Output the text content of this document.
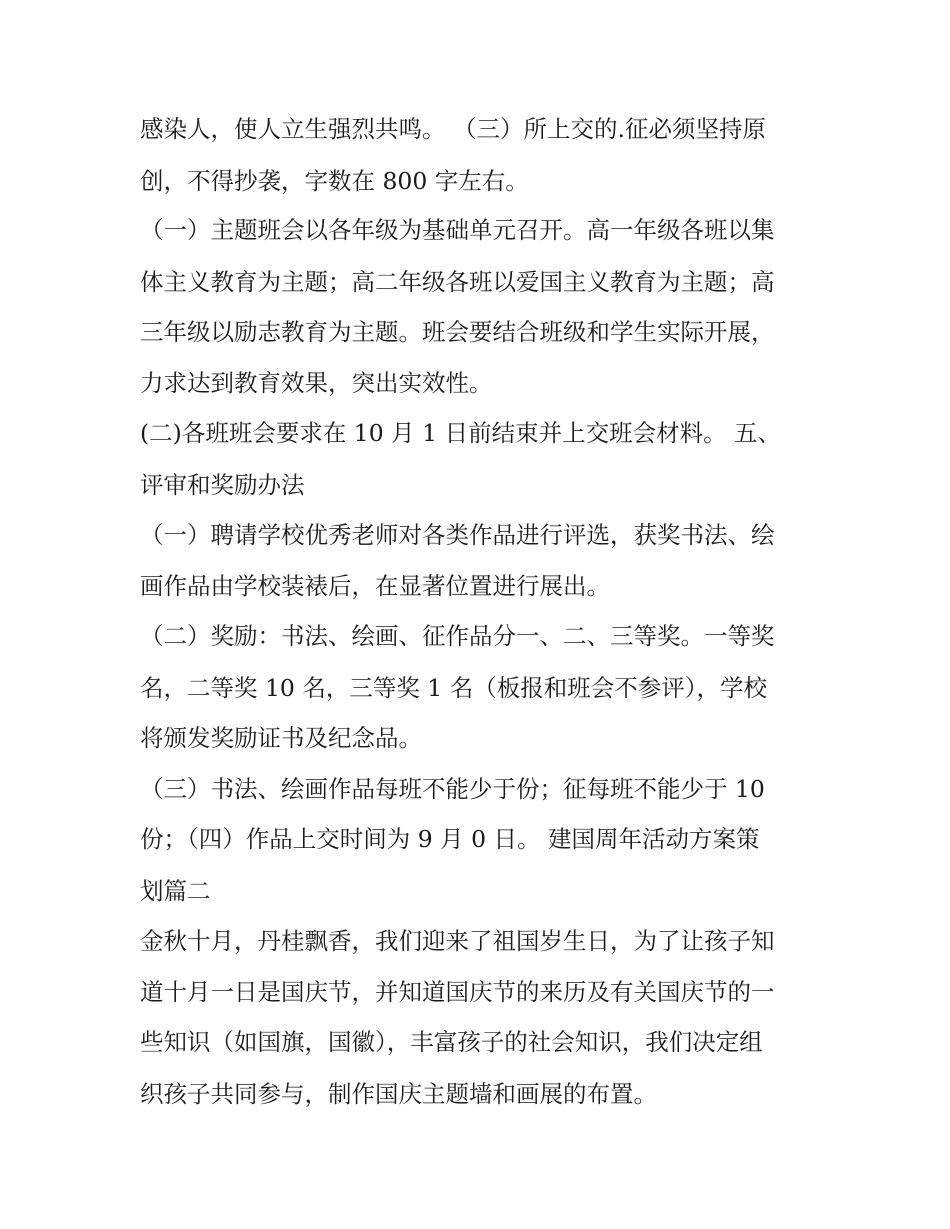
感染人，使人立生强烈共鸣。 （三）所上交的.征必须坚持原
创，不得抄袭，字数在 800 字左右。
（一）主题班会以各年级为基础单元召开。高一年级各班以集
体主义教育为主题；高二年级各班以爱国主义教育为主题；高
三年级以励志教育为主题。班会要结合班级和学生实际开展，
力求达到教育效果，突出实效性。
(二)各班班会要求在 10 月 1 日前结束并上交班会材料。 五、
评审和奖励办法
（一）聘请学校优秀老师对各类作品进行评选，获奖书法、绘
画作品由学校装裱后，在显著位置进行展出。
（二）奖励：书法、绘画、征作品分一、二、三等奖。一等奖
名，二等奖 10 名，三等奖 1 名（板报和班会不参评），学校
将颁发奖励证书及纪念品。
（三）书法、绘画作品每班不能少于份；征每班不能少于 10
份；（四）作品上交时间为 9 月 0 日。 建国周年活动方案策
划篇二
金秋十月，丹桂飘香，我们迎来了祖国岁生日，为了让孩子知
道十月一日是国庆节，并知道国庆节的来历及有关国庆节的一
些知识（如国旗，国徽），丰富孩子的社会知识，我们决定组
织孩子共同参与，制作国庆主题墙和画展的布置。
